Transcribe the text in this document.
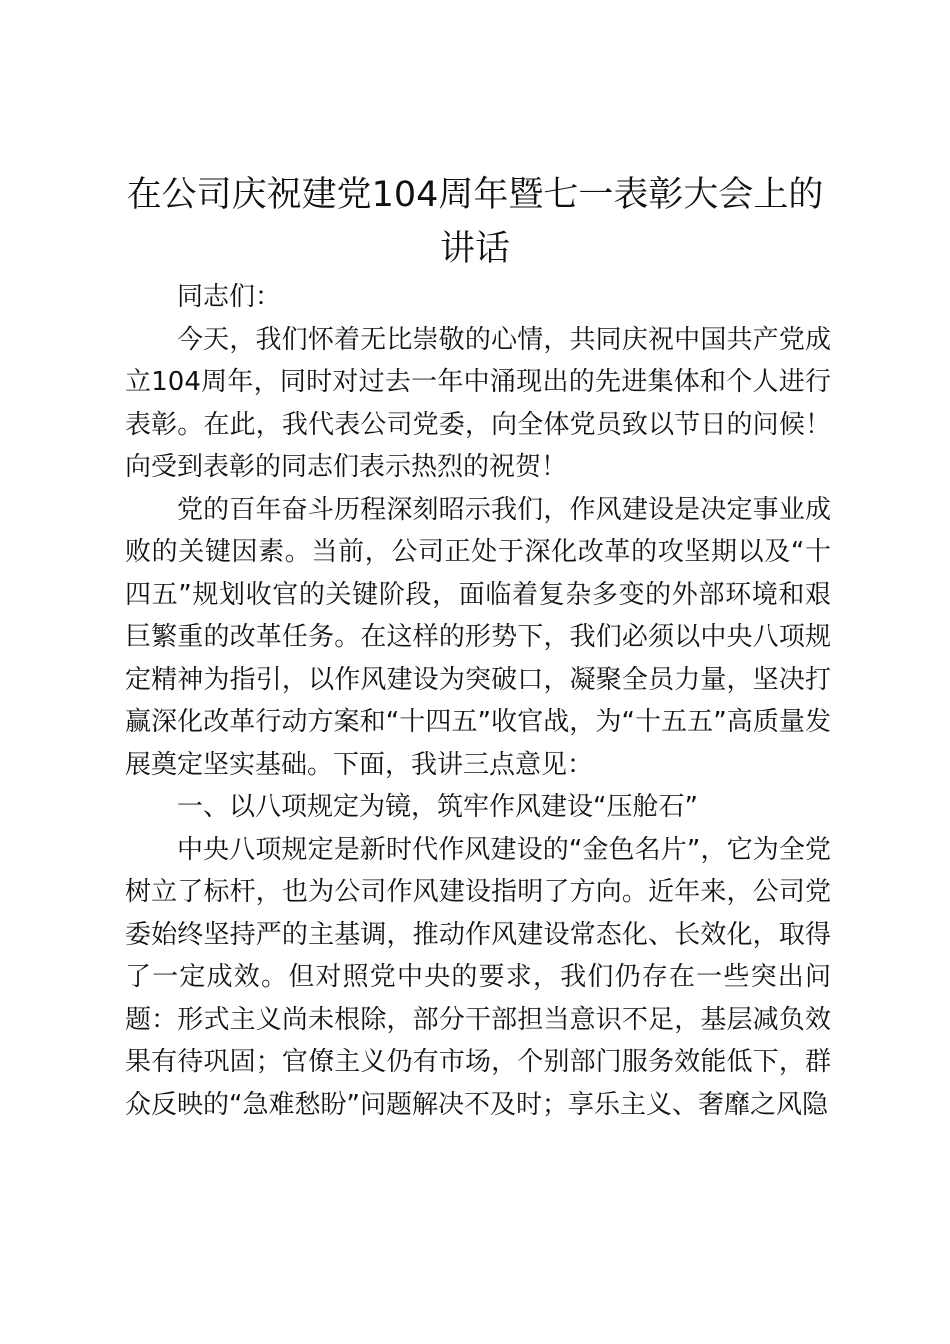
在公司庆祝建党104周年暨七一表彰大会上的讲话

同志们：

今天，我们怀着无比崇敬的心情，共同庆祝中国共产党成立104周年，同时对过去一年中涌现出的先进集体和个人进行表彰。在此，我代表公司党委，向全体党员致以节日的问候！向受到表彰的同志们表示热烈的祝贺！

党的百年奋斗历程深刻昭示我们，作风建设是决定事业成败的关键因素。当前，公司正处于深化改革的攻坚期以及“十四五”规划收官的关键阶段，面临着复杂多变的外部环境和艰巨繁重的改革任务。在这样的形势下，我们必须以中央八项规定精神为指引，以作风建设为突破口，凝聚全员力量，坚决打赢深化改革行动方案和“十四五”收官战，为“十五五”高质量发展奠定坚实基础。下面，我讲三点意见：

一、以八项规定为镜，筑牢作风建设“压舱石”

中央八项规定是新时代作风建设的“金色名片”，它为全党树立了标杆，也为公司作风建设指明了方向。近年来，公司党委始终坚持严的主基调，推动作风建设常态化、长效化，取得了一定成效。但对照党中央的要求，我们仍存在一些突出问题：形式主义尚未根除，部分干部担当意识不足，基层减负效果有待巩固；官僚主义仍有市场，个别部门服务效能低下，群众反映的“急难愁盼”问题解决不及时；享乐主义、奢靡之风隐
